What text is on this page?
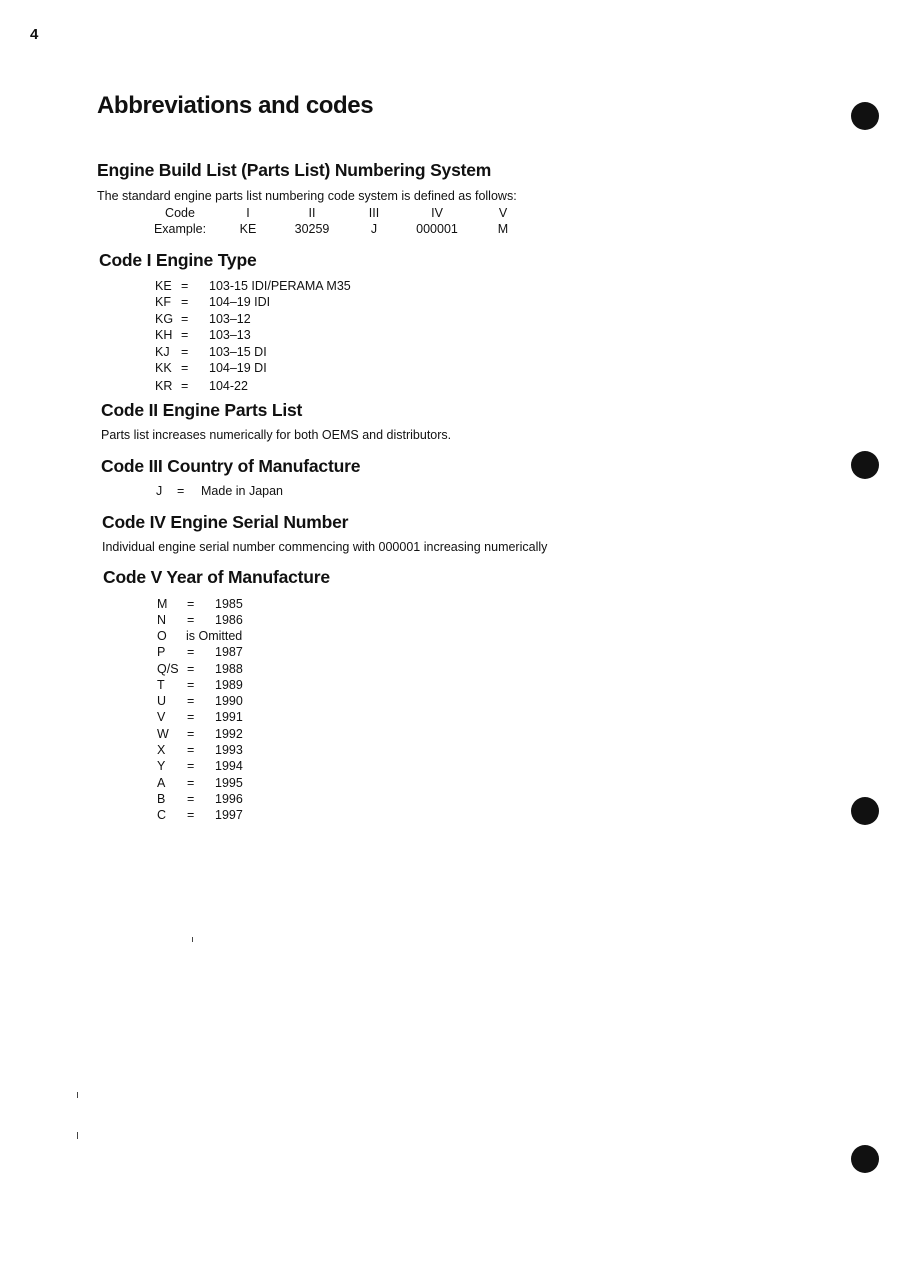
4
Abbreviations and codes
Engine Build List (Parts List) Numbering System
The standard engine parts list numbering code system is defined as follows:
Code	I	II	III	IV	V
Example:	KE	30259	J	000001	M
Code I Engine Type
KE = 103-15 IDI/PERAMA M35
KF = 104–19 IDI
KG = 103–12
KH = 103–13
KJ = 103–15 DI
KK = 104–19 DI
KR = 104-22
Code II Engine Parts List
Parts list increases numerically for both OEMS and distributors.
Code III Country of Manufacture
J = Made in Japan
Code IV Engine Serial Number
Individual engine serial number commencing with 000001 increasing numerically
Code V Year of Manufacture
M = 1985
N = 1986
O is Omitted
P = 1987
Q/S = 1988
T = 1989
U = 1990
V = 1991
W = 1992
X = 1993
Y = 1994
A = 1995
B = 1996
C = 1997
